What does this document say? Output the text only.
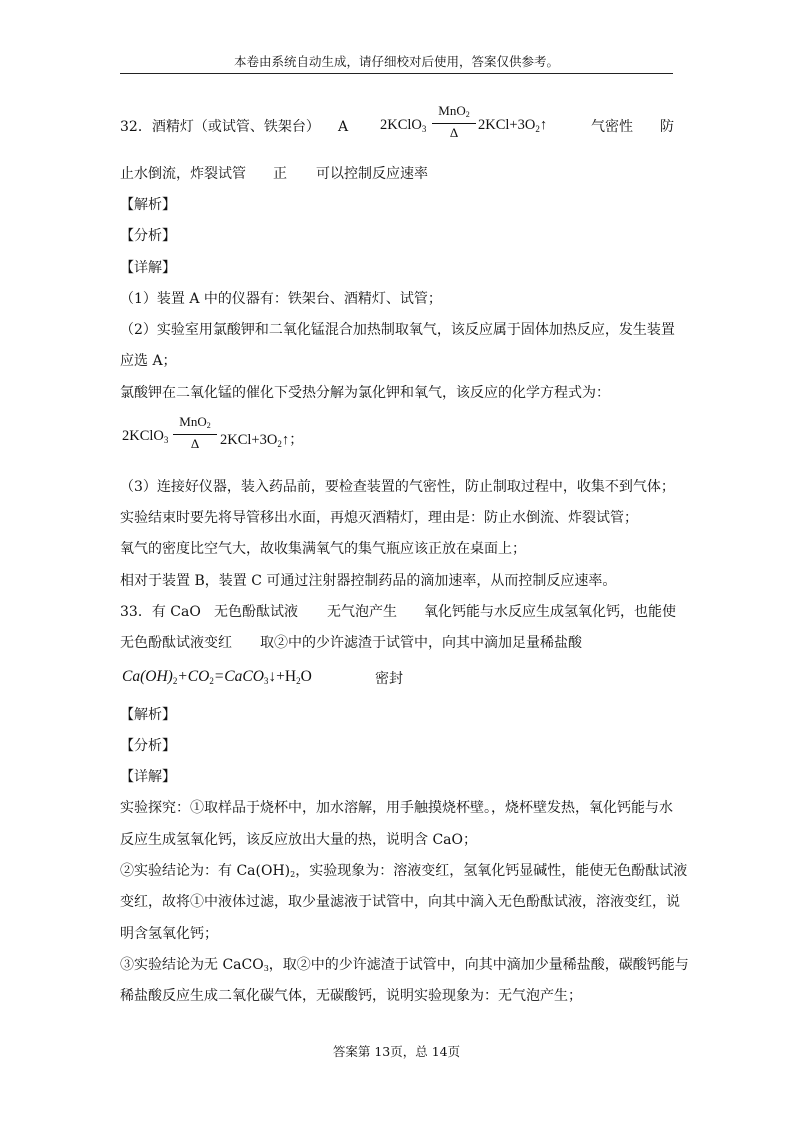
本卷由系统自动生成，请仔细校对后使用，答案仅供参考。
32．酒精灯（或试管、铁架台） A 2KClO$_3$
MnO2
Δ	$2KCl+3O_2↑$	气密性 防
止水倒流，炸裂试管 正 可以控制反应速率
【解析】
【分析】
【详解】
（1）装置 A 中的仪器有：铁架台、酒精灯、试管；
（2）实验室用氯酸钾和二氧化锰混合加热制取氧气，该反应属于固体加热反应，发生装置
应选 A；
氯酸钾在二氧化锰的催化下受热分解为氯化钾和氧气，该反应的化学方程式为：
2KClO$_3$
MnO2
Δ	$2KCl+3O_2↑$；
（3）连接好仪器，装入药品前，要检查装置的气密性，防止制取过程中，收集不到气体；
实验结束时要先将导管移出水面，再熄灭酒精灯，理由是：防止水倒流、炸裂试管；
氧气的密度比空气大，故收集满氧气的集气瓶应该正放在桌面上；
相对于装置 B，装置 C 可通过注射器控制药品的滴加速率，从而控制反应速率。
33．有 CaO 无色酚酞试液 无气泡产生 氧化钙能与水反应生成氢氧化钙，也能使
无色酚酞试液变红 取②中的少许滤渣于试管中，向其中滴加足量稀盐酸
$Ca(OH)_2+CO_2=CaCO_3↓+H_2O$	密封
【解析】
【分析】
【详解】
实验探究：①取样品于烧杯中，加水溶解，用手触摸烧杯壁。，烧杯壁发热，氧化钙能与水
反应生成氢氧化钙，该反应放出大量的热，说明含 CaO；
②实验结论为：有 Ca(OH)2，实验现象为：溶液变红，氢氧化钙显碱性，能使无色酚酞试液
变红，故将①中液体过滤，取少量滤液于试管中，向其中滴入无色酚酞试液，溶液变红，说
明含氢氧化钙；
③实验结论为无 CaCO3，取②中的少许滤渣于试管中，向其中滴加少量稀盐酸，碳酸钙能与
稀盐酸反应生成二氧化碳气体，无碳酸钙，说明实验现象为：无气泡产生；
答案第 13页，总 14页
